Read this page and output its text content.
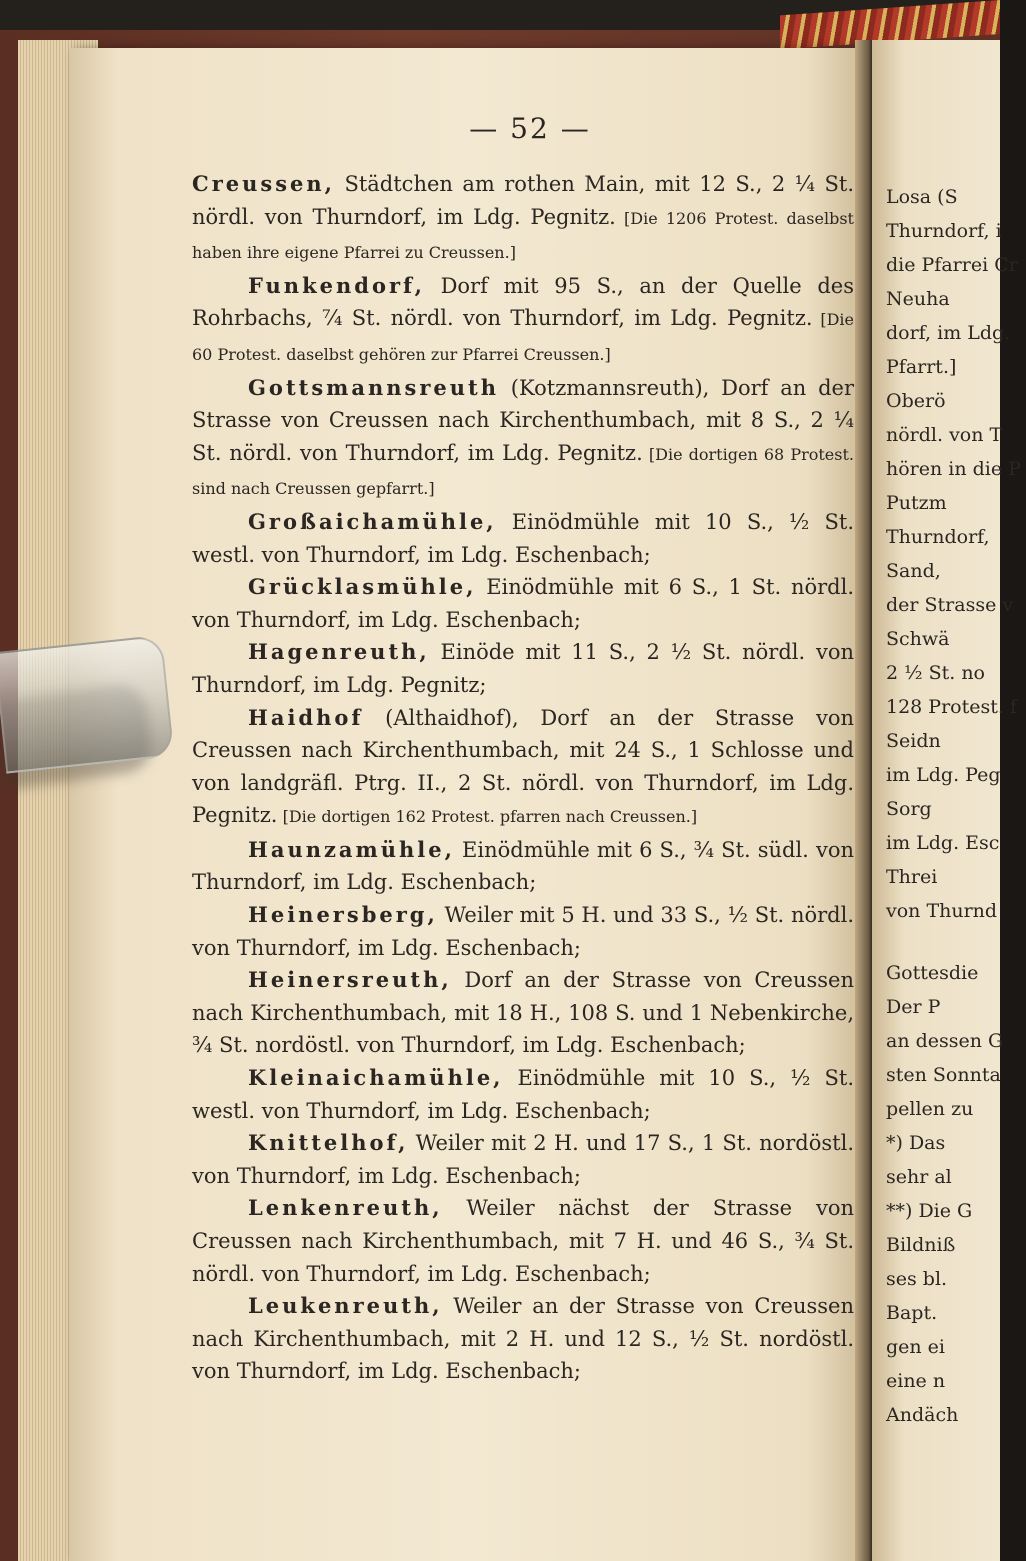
— 52 —

Creussen, Städtchen am rothen Main, mit 12 S., 2 ¼ St. nördl. von Thurndorf, im Ldg. Pegnitz. [Die 1206 Protest. daselbst haben ihre eigene Pfarrei zu Creussen.]

Funkendorf, Dorf mit 95 S., an der Quelle des Rohrbachs, ⁷⁄₄ St. nördl. von Thurndorf, im Ldg. Pegnitz. [Die 60 Protest. daselbst gehören zur Pfarrei Creussen.]

Gottsmannsreuth (Kotzmannsreuth), Dorf an der Strasse von Creussen nach Kirchenthumbach, mit 8 S., 2 ¼ St. nördl. von Thurndorf, im Ldg. Pegnitz. [Die dortigen 68 Protest. sind nach Creussen gepfarrt.]

Großaichamühle, Einödmühle mit 10 S., ½ St. westl. von Thurndorf, im Ldg. Eschenbach;

Grücklasmühle, Einödmühle mit 6 S., 1 St. nördl. von Thurndorf, im Ldg. Eschenbach;

Hagenreuth, Einöde mit 11 S., 2 ½ St. nördl. von Thurndorf, im Ldg. Pegnitz;

Haidhof (Althaidhof), Dorf an der Strasse von Creussen nach Kirchenthumbach, mit 24 S., 1 Schlosse und von landgräfl. Ptrg. II., 2 St. nördl. von Thurndorf, im Ldg. Pegnitz. [Die dortigen 162 Protest. pfarren nach Creussen.]

Haunzamühle, Einödmühle mit 6 S., ¾ St. südl. von Thurndorf, im Ldg. Eschenbach;

Heinersberg, Weiler mit 5 H. und 33 S., ½ St. nördl. von Thurndorf, im Ldg. Eschenbach;

Heinersreuth, Dorf an der Strasse von Creussen nach Kirchenthumbach, mit 18 H., 108 S. und 1 Nebenkirche, ¾ St. nordöstl. von Thurndorf, im Ldg. Eschenbach;

Kleinaichamühle, Einödmühle mit 10 S., ½ St. westl. von Thurndorf, im Ldg. Eschenbach;

Knittelhof, Weiler mit 2 H. und 17 S., 1 St. nordöstl. von Thurndorf, im Ldg. Eschenbach;

Lenkenreuth, Weiler nächst der Strasse von Creussen nach Kirchenthumbach, mit 7 H. und 46 S., ¾ St. nördl. von Thurndorf, im Ldg. Eschenbach;

Leukenreuth, Weiler an der Strasse von Creussen nach Kirchenthumbach, mit 2 H. und 12 S., ½ St. nordöstl. von Thurndorf, im Ldg. Eschenbach;

Losa (S
Thurndorf, i
die Pfarrei Cr
Neuha
dorf, im Ldg.
Pfarrt.]
Oberö
nördl. von T
hören in die P
Putzm
Thurndorf,
Sand,
der Strasse v
Schwä
2 ½ St. no
128 Protest. f
Seidn
im Ldg. Peg
Sorg
im Ldg. Esc
Threi
von Thurnd
Gottesdie
Der P
an dessen G
sten Sonnta
pellen zu
*) Das
sehr al
**) Die G
Bildniß
ses bl.
Bapt.
gen ei
eine n
Andäch
